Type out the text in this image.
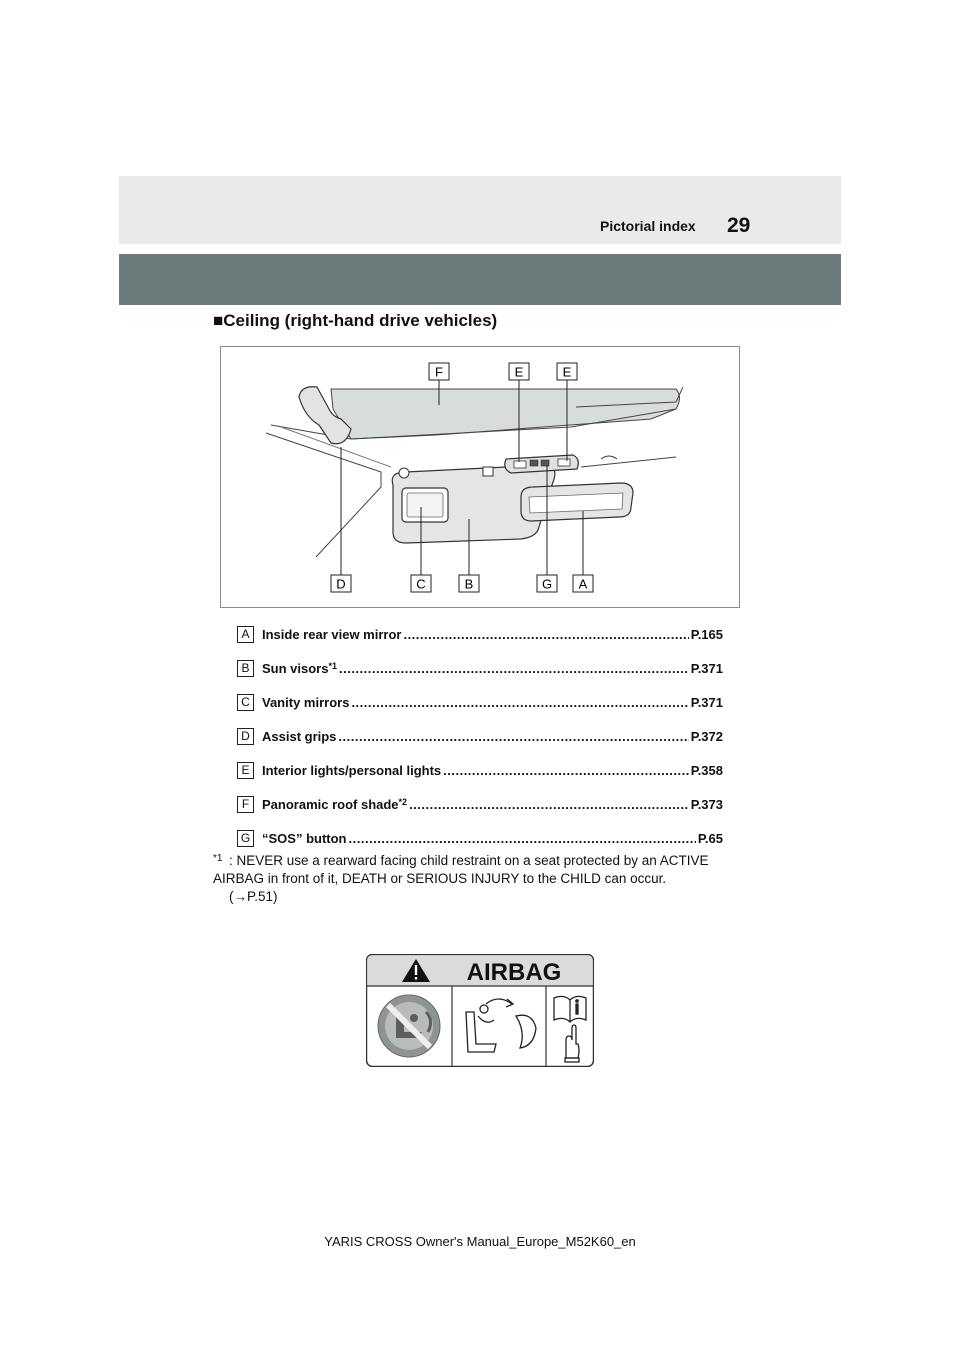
Pictorial index 29
■Ceiling (right-hand drive vehicles)
F	E	E
D	C	B	G A
A Inside rear view mirror .....	P.165
B Sun visors *1 .....	P.371
C Vanity mirrors .....	P.371
D Assist grips .....	P.372
E Interior lights/personal lights .....	P.358
F Panoramic roof shade *2 .....	P.373
G “SOS” button .....	P.65
*1 : NEVER use a rearward facing child restraint on a seat protected by an ACTIVE AIRBAG in front of it, DEATH or SERIOUS INJURY to the CHILD can occur.
(→P.51)
AIRBAG
YARIS CROSS Owner's Manual_Europe_M52K60_en
